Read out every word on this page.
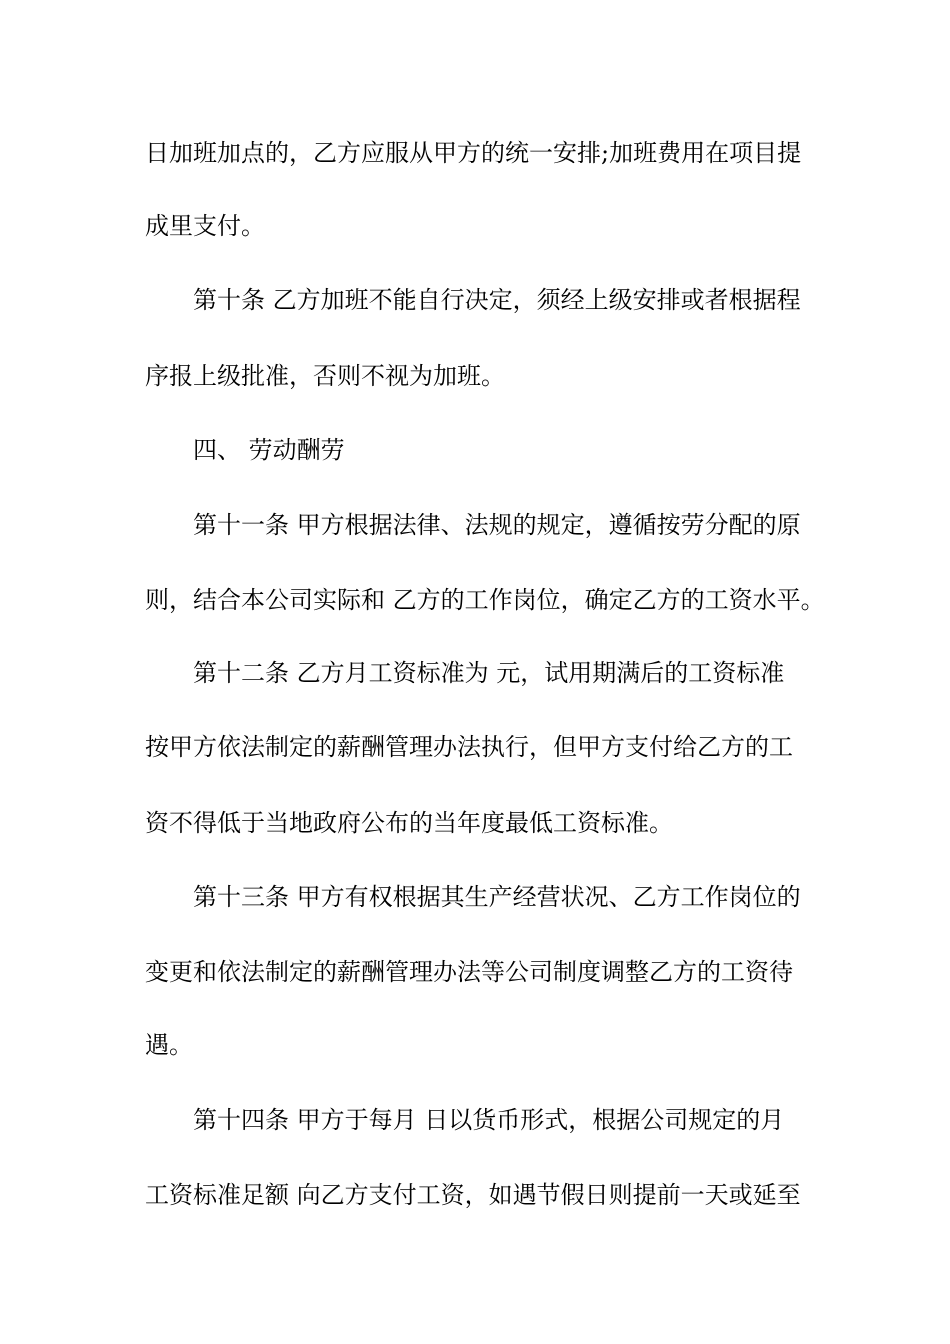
日加班加点的，乙方应服从甲方的统一安排;加班费用在项目提
成里支付。
第十条 乙方加班不能自行决定，须经上级安排或者根据程
序报上级批准，否则不视为加班。
四、 劳动酬劳
第十一条 甲方根据法律、法规的规定，遵循按劳分配的原
则，结合本公司实际和 乙方的工作岗位，确定乙方的工资水平。
第十二条 乙方月工资标准为 元，试用期满后的工资标准
按甲方依法制定的薪酬管理办法执行，但甲方支付给乙方的工
资不得低于当地政府公布的当年度最低工资标准。
第十三条 甲方有权根据其生产经营状况、乙方工作岗位的
变更和依法制定的薪酬管理办法等公司制度调整乙方的工资待
遇。
第十四条 甲方于每月 日以货币形式，根据公司规定的月
工资标准足额 向乙方支付工资，如遇节假日则提前一天或延至
